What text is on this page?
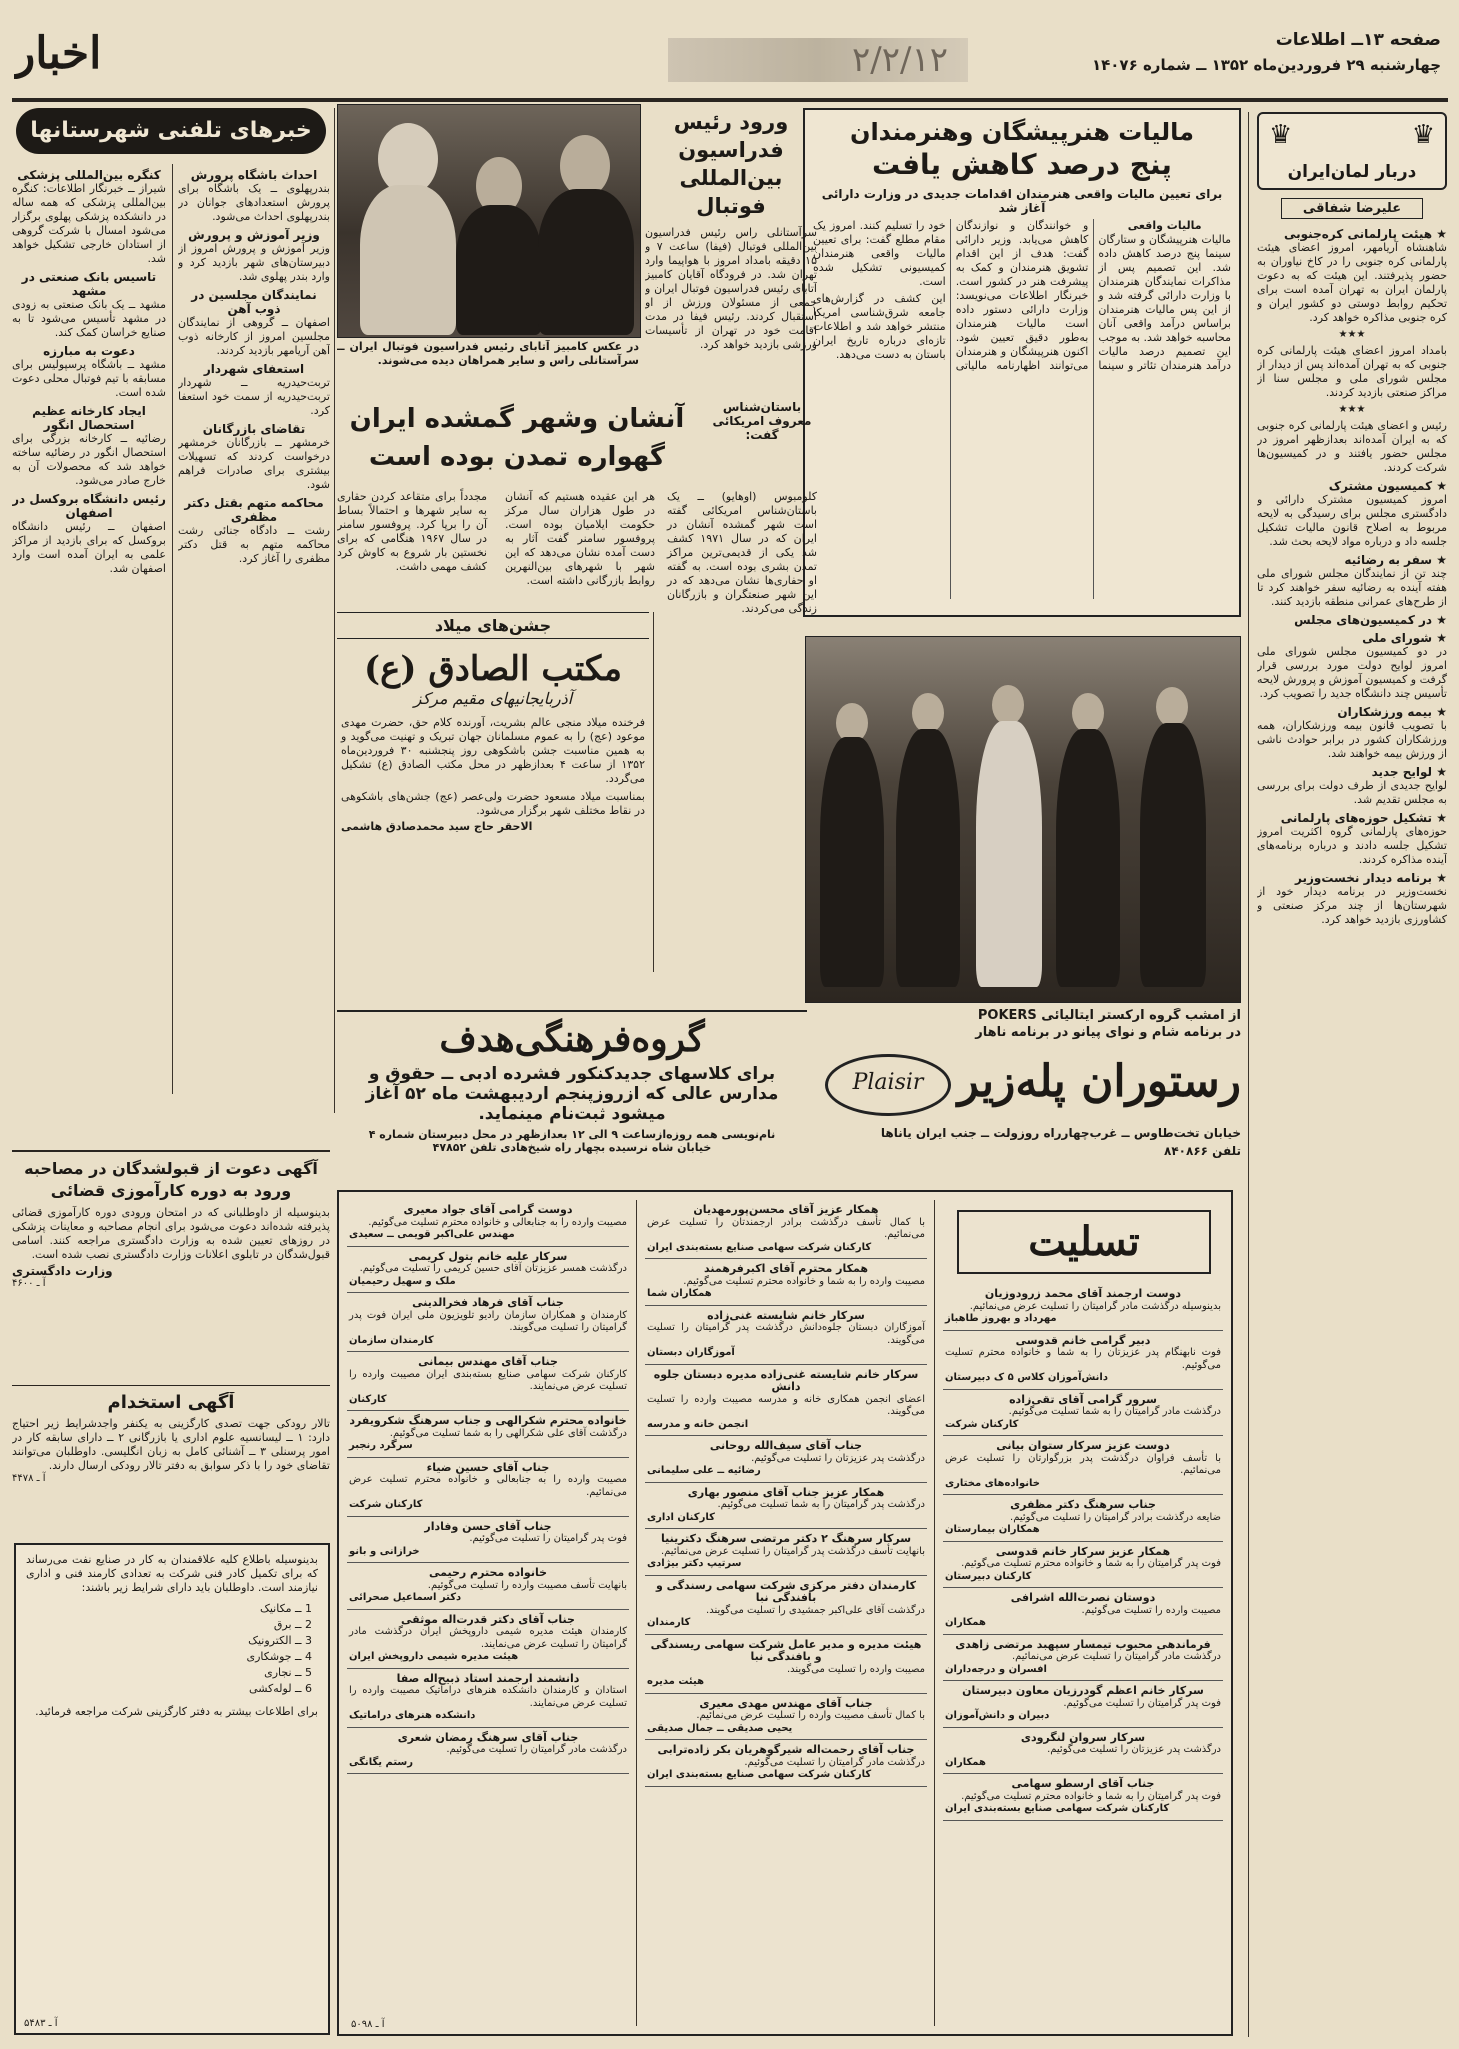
صفحه ۱۳ــ اطلاعات
چهارشنبه ۲۹ فروردین‌ماه ۱۳۵۲ ــ شماره ۱۴۰۷۶
۲/۲/۱۲
اخبار
♛
♛
دربار لمان‌ایران
علیرضا شفاقی
★ هیئت پارلمانی کره‌جنوبی

شاهنشاه آریامهر، امروز اعضای هیئت پارلمانی کره جنوبی را در کاخ نیاوران به حضور پذیرفتند. این هیئت که به دعوت پارلمان ایران به تهران آمده است برای تحکیم روابط دوستی دو کشور ایران و کره جنوبی مذاکره خواهد کرد.

★★★

بامداد امروز اعضای هیئت پارلمانی کره جنوبی که به تهران آمده‌اند پس از دیدار از مجلس شورای ملی و مجلس سنا از مراکز صنعتی بازدید کردند.

★★★

رئیس و اعضای هیئت پارلمانی کره جنوبی که به ایران آمده‌اند بعدازظهر امروز در مجلس حضور یافتند و در کمیسیون‌ها شرکت کردند.

★ کمیسیون مشترک

امروز کمیسیون مشترک دارائی و دادگستری مجلس برای رسیدگی به لایحه مربوط به اصلاح قانون مالیات تشکیل جلسه داد و درباره مواد لایحه بحث شد.

★ سفر به رضائیه

چند تن از نمایندگان مجلس شورای ملی هفته آینده به رضائیه سفر خواهند کرد تا از طرح‌های عمرانی منطقه بازدید کنند.

★ در کمیسیون‌های مجلس
★ شورای ملی

در دو کمیسیون مجلس شورای ملی امروز لوایح دولت مورد بررسی قرار گرفت و کمیسیون آموزش و پرورش لایحه تأسیس چند دانشگاه جدید را تصویب کرد.

★ بیمه ورزشکاران

با تصویب قانون بیمه ورزشکاران، همه ورزشکاران کشور در برابر حوادث ناشی از ورزش بیمه خواهند شد.

★ لوایح جدید

لوایح جدیدی از طرف دولت برای بررسی به مجلس تقدیم شد.

★ تشکیل حوزه‌های پارلمانی

حوزه‌های پارلمانی گروه اکثریت امروز تشکیل جلسه دادند و درباره برنامه‌های آینده مذاکره کردند.

★ برنامه دیدار نخست‌وزیر

نخست‌وزیر در برنامه دیدار خود از شهرستان‌ها از چند مرکز صنعتی و کشاورزی بازدید خواهد کرد.

مالیات هنرپیشگان وهنرمندان
پنج درصد کاهش یافت
برای تعیین مالیات واقعی هنرمندان اقدامات جدیدی در وزارت دارائی آغاز شد
مالیات واقعی

مالیات هنرپیشگان و ستارگان سینما پنج درصد کاهش داده شد. این تصمیم پس از مذاکرات نمایندگان هنرمندان با وزارت دارائی گرفته شد و از این پس مالیات هنرمندان براساس درآمد واقعی آنان محاسبه خواهد شد. به موجب این تصمیم درصد مالیات درآمد هنرمندان تئاتر و سینما و خوانندگان و نوازندگان کاهش می‌یابد. وزیر دارائی گفت: هدف از این اقدام تشویق هنرمندان و کمک به پیشرفت هنر در کشور است. خبرنگار اطلاعات می‌نویسد: وزارت دارائی دستور داده است مالیات هنرمندان به‌طور دقیق تعیین شود. اکنون هنرپیشگان و هنرمندان می‌توانند اظهارنامه مالیاتی خود را تسلیم کنند. امروز یک مقام مطلع گفت: برای تعیین مالیات واقعی هنرمندان کمیسیونی تشکیل شده است.

این کشف در گزارش‌های جامعه شرق‌شناسی امریکا منتشر خواهد شد و اطلاعات تازه‌ای درباره تاریخ ایران باستان به دست می‌دهد.

ورود رئیس فدراسیون بین‌المللی فوتبال
سرآستانلی راس رئیس فدراسیون بین‌المللی فوتبال (فیفا) ساعت ۷ و ۱۵ دقیقه بامداد امروز با هواپیما وارد تهران شد. در فرودگاه آقایان کامبیز آتابای رئیس فدراسیون فوتبال ایران و جمعی از مسئولان ورزش از او استقبال کردند. رئیس فیفا در مدت اقامت خود در تهران از تأسیسات ورزشی بازدید خواهد کرد.
در عکس کامبیز آتابای رئیس فدراسیون فوتبال ایران ــ سرآستانلی راس و سایر همراهان دیده می‌شوند.
خبرهای تلفنی شهرستانها
احداث باشگاه پرورش

بندرپهلوی ــ یک باشگاه برای پرورش استعدادهای جوانان در بندرپهلوی احداث می‌شود.

وزیر آموزش و پرورش

وزیر آموزش و پرورش امروز از دبیرستان‌های شهر بازدید کرد و وارد بندر پهلوی شد.

نمایندگان مجلسین در ذوب آهن

اصفهان ــ گروهی از نمایندگان مجلسین امروز از کارخانه ذوب آهن آریامهر بازدید کردند.

استعفای شهردار

تربت‌حیدریه ــ شهردار تربت‌حیدریه از سمت خود استعفا کرد.

تقاضای بازرگانان

خرمشهر ــ بازرگانان خرمشهر درخواست کردند که تسهیلات بیشتری برای صادرات فراهم شود.

محاکمه متهم بقتل دکتر مظفری

رشت ــ دادگاه جنائی رشت محاکمه متهم به قتل دکتر مظفری را آغاز کرد.

کنگره بین‌المللی پزشکی

شیراز ــ خبرنگار اطلاعات: کنگره بین‌المللی پزشکی که همه ساله در دانشکده پزشکی پهلوی برگزار می‌شود امسال با شرکت گروهی از استادان خارجی تشکیل خواهد شد.

تاسیس بانک صنعتی در مشهد

مشهد ــ یک بانک صنعتی به زودی در مشهد تأسیس می‌شود تا به صنایع خراسان کمک کند.

دعوت به مبارزه

مشهد ــ باشگاه پرسپولیس برای مسابقه با تیم فوتبال محلی دعوت شده است.

ایجاد کارخانه عظیم استحصال انگور

رضائیه ــ کارخانه بزرگی برای استحصال انگور در رضائیه ساخته خواهد شد که محصولات آن به خارج صادر می‌شود.

رئیس دانشگاه بروکسل در اصفهان

اصفهان ــ رئیس دانشگاه بروکسل که برای بازدید از مراکز علمی به ایران آمده است وارد اصفهان شد.

باستان‌شناس معروف امریکائی گفت:
آنشان وشهر گمشده ایران گهواره تمدن بوده است
کلومبوس (اوهایو) ــ یک باستان‌شناس امریکائی گفته است شهر گمشده آنشان در ایران که در سال ۱۹۷۱ کشف شد یکی از قدیمی‌ترین مراکز تمدن بشری بوده است. به گفته او حفاری‌ها نشان می‌دهد که در این شهر صنعتگران و بازرگانان زندگی می‌کردند.
هر این عقیده هستیم که آنشان در طول هزاران سال مرکز حکومت ایلامیان بوده است. پروفسور سامنر گفت آثار به دست آمده نشان می‌دهد که این شهر با شهرهای بین‌النهرین روابط بازرگانی داشته است.
مجدداً برای متقاعد کردن حقاری به سایر شهرها و احتمالاً بساط آن را برپا کرد. پروفسور سامنر در سال ۱۹۶۷ هنگامی که برای نخستین بار شروع به کاوش کرد کشف مهمی داشت.
جشن‌های میلاد
مکتب الصادق (ع)
آذربایجانیهای مقیم مرکز
فرخنده میلاد منجی عالم بشریت، آورنده کلام حق، حضرت مهدی موعود (عج) را به عموم مسلمانان جهان تبریک و تهنیت می‌گوید و به همین مناسبت جشن باشکوهی روز پنجشنبه ۳۰ فروردین‌ماه ۱۳۵۲ از ساعت ۴ بعدازظهر در محل مکتب الصادق (ع) تشکیل می‌گردد.
بمناسبت میلاد مسعود حضرت ولی‌عصر (عج) جشن‌های باشکوهی در نقاط مختلف شهر برگزار می‌شود.
الاحقر حاج سید محمدصادق هاشمی
از امشب گروه ارکستر ایتالیائی POKERS
در برنامه شام و نوای پیانو در برنامه ناهار
رستوران پله‌زیر
Plaisir
خیابان تخت‌طاوس ــ غرب‌چهارراه روزولت ــ جنب ایران یاناها
تلفن ۸۴۰۸۶۶
گروه‌فرهنگی‌هدف
برای کلاسهای جدیدکنکور فشرده ادبی ــ حقوق و
مدارس عالی که ازروزپنجم اردیبهشت ماه ۵۲ آغاز
میشود ثبت‌نام مینماید.
نام‌نویسی همه روزه‌ازساعت ۹ الی ۱۲ بعدازظهر در محل دبیرستان شماره ۴
خیابان شاه نرسیده بچهار راه شیخ‌هادی تلفن ۴۷۸۵۲
آگهی دعوت از قبولشدگان در مصاحبه ورود به دوره کارآموزی قضائی
بدینوسیله از داوطلبانی که در امتحان ورودی دوره کارآموزی قضائی پذیرفته شده‌اند دعوت می‌شود برای انجام مصاحبه و معاینات پزشکی در روزهای تعیین شده به وزارت دادگستری مراجعه کنند. اسامی قبول‌شدگان در تابلوی اعلانات وزارت دادگستری نصب شده است.
وزارت دادگستری
آ ـ ۴۶۰۰
آگهی استخدام
تالار رودکی جهت تصدی کارگزینی به یکنفر واجدشرایط زیر احتیاج دارد: ۱ ــ لیسانسیه علوم اداری یا بازرگانی ۲ ــ دارای سابقه کار در امور پرسنلی ۳ ــ آشنائی کامل به زبان انگلیسی. داوطلبان می‌توانند تقاضای خود را با ذکر سوابق به دفتر تالار رودکی ارسال دارند.
آ ـ ۴۴۷۸
بدینوسیله باطلاع کلیه علاقمندان به کار در صنایع نفت می‌رساند که برای تکمیل کادر فنی شرکت به تعدادی کارمند فنی و اداری نیازمند است. داوطلبان باید دارای شرایط زیر باشند:
1 ــ مکانیک
2 ــ برق
3 ــ الکترونیک
4 ــ جوشکاری
5 ــ نجاری
6 ــ لوله‌کشی
برای اطلاعات بیشتر به دفتر کارگزینی شرکت مراجعه فرمائید.
آ ـ ۵۴۸۳
تسلیت
دوست ارجمند آقای محمد زرودوزیان
بدینوسیله درگذشت مادر گرامیتان را تسلیت عرض می‌نمائیم.
مهرداد و بهروز طاهباز
دبیر گرامی خانم قدوسی
فوت نابهنگام پدر عزیزتان را به شما و خانواده محترم تسلیت می‌گوئیم.
دانش‌آموزان کلاس ۵ ک دبیرستان
سرور گرامی آقای تقی‌زاده
درگذشت مادر گرامیتان را به شما تسلیت می‌گوئیم.
کارکنان شرکت
دوست عزیز سرکار ستوان بیانی
با تأسف فراوان درگذشت پدر بزرگوارتان را تسلیت عرض می‌نمائیم.
خانواده‌های مختاری
جناب سرهنگ دکتر مظفری
ضایعه درگذشت برادر گرامیتان را تسلیت می‌گوئیم.
همکاران بیمارستان
همکار عزیز سرکار خانم قدوسی
فوت پدر گرامیتان را به شما و خانواده محترم تسلیت می‌گوئیم.
کارکنان دبیرستان
دوستان نصرت‌الله اشرافی
مصیبت وارده را تسلیت می‌گوئیم.
همکاران
فرماندهی محبوب تیمسار سپهبد مرتضی زاهدی
درگذشت مادر گرامیتان را تسلیت عرض می‌نمائیم.
افسران و درجه‌داران
سرکار خانم اعظم گودرزیان معاون دبیرستان
فوت پدر گرامیتان را تسلیت می‌گوئیم.
دبیران و دانش‌آموزان
سرکار سروان لنگرودی
درگذشت پدر عزیزتان را تسلیت می‌گوئیم.
همکاران
جناب آقای ارسطو سهامی
فوت پدر گرامیتان را به شما و خانواده محترم تسلیت می‌گوئیم.
کارکنان شرکت سهامی صنایع بسته‌بندی ایران
همکار عزیز آقای محسن‌پورمهدیان
با کمال تأسف درگذشت برادر ارجمندتان را تسلیت عرض می‌نمائیم.
کارکنان شرکت سهامی صنایع بسته‌بندی ایران
همکار محترم آقای اکبرفرهمند
مصیبت وارده را به شما و خانواده محترم تسلیت می‌گوئیم.
همکاران شما
سرکار خانم شایسته غنی‌زاده
آموزگاران دبستان جلوه‌دانش درگذشت پدر گرامیتان را تسلیت می‌گویند.
آموزگاران دبستان
سرکار خانم شایسته غنی‌زاده مدیره دبستان جلوه دانش
اعضای انجمن همکاری خانه و مدرسه مصیبت وارده را تسلیت می‌گویند.
انجمن خانه و مدرسه
جناب آقای سیف‌الله روحانی
درگذشت پدر عزیزتان را تسلیت می‌گوئیم.
رضائیه ــ علی سلیمانی
همکار عزیز جناب آقای منصور بهاری
درگذشت پدر گرامیتان را به شما تسلیت می‌گوئیم.
کارکنان اداری
سرکار سرهنگ ۲ دکتر مرتضی سرهنگ دکترینیا
بانهایت تأسف درگذشت پدر گرامیتان را تسلیت عرض می‌نمائیم.
سرتیپ دکتر بیژادی
کارمندان دفتر مرکزی شرکت سهامی رسندگی و بافندگی نبا
درگذشت آقای علی‌اکبر جمشیدی را تسلیت می‌گویند.
کارمندان
هیئت مدیره و مدیر عامل شرکت سهامی ریسندگی و بافندگی نبا
مصیبت وارده را تسلیت می‌گویند.
هیئت مدیره
جناب آقای مهندس مهدی معیری
با کمال تأسف مصیبت وارده را تسلیت عرض می‌نمائیم.
یحیی صدیقی ــ جمال صدیقی
جناب آقای رحمت‌اله شیرگوهریان بکر زاده‌ترابی
درگذشت مادر گرامیتان را تسلیت می‌گوئیم.
کارکنان شرکت سهامی صنایع بسته‌بندی ایران
دوست گرامی آقای جواد معیری
مصیبت وارده را به جنابعالی و خانواده محترم تسلیت می‌گوئیم.
مهندس علی‌اکبر قویمی ــ سعیدی
سرکار علیه خانم بتول کریمی
درگذشت همسر عزیزتان آقای حسین کریمی را تسلیت می‌گوئیم.
ملک و سهیل رحیمیان
جناب آقای فرهاد فخرالدینی
کارمندان و همکاران سازمان رادیو تلویزیون ملی ایران فوت پدر گرامیتان را تسلیت می‌گویند.
کارمندان سازمان
جناب آقای مهندس بیمانی
کارکنان شرکت سهامی صنایع بسته‌بندی ایران مصیبت وارده را تسلیت عرض می‌نمایند.
کارکنان
خانواده محترم شکرالهی و جناب سرهنگ شکرویفرد
درگذشت آقای علی شکرالهی را به شما تسلیت می‌گوئیم.
سرگرد رنجبر
جناب آقای حسین ضیاء
مصیبت وارده را به جنابعالی و خانواده محترم تسلیت عرض می‌نمائیم.
کارکنان شرکت
جناب آقای حسن وفادار
فوت پدر گرامیتان را تسلیت می‌گوئیم.
خرازانی و بانو
خانواده محترم رحیمی
بانهایت تأسف مصیبت وارده را تسلیت می‌گوئیم.
دکتر اسماعیل صحرائی
جناب آقای دکتر قدرت‌اله موثقی
کارمندان هیئت مدیره شیمی داروپخش ایران درگذشت مادر گرامیتان را تسلیت عرض می‌نمایند.
هیئت مدیره شیمی داروپخش ایران
دانشمند ارجمند استاد ذبیح‌اله صفا
استادان و کارمندان دانشکده هنرهای دراماتیک مصیبت وارده را تسلیت عرض می‌نمایند.
دانشکده هنرهای دراماتیک
جناب آقای سرهنگ رمضان شعری
درگذشت مادر گرامیتان را تسلیت می‌گوئیم.
رستم یگانگی
آ ـ ۵۰۹۸
